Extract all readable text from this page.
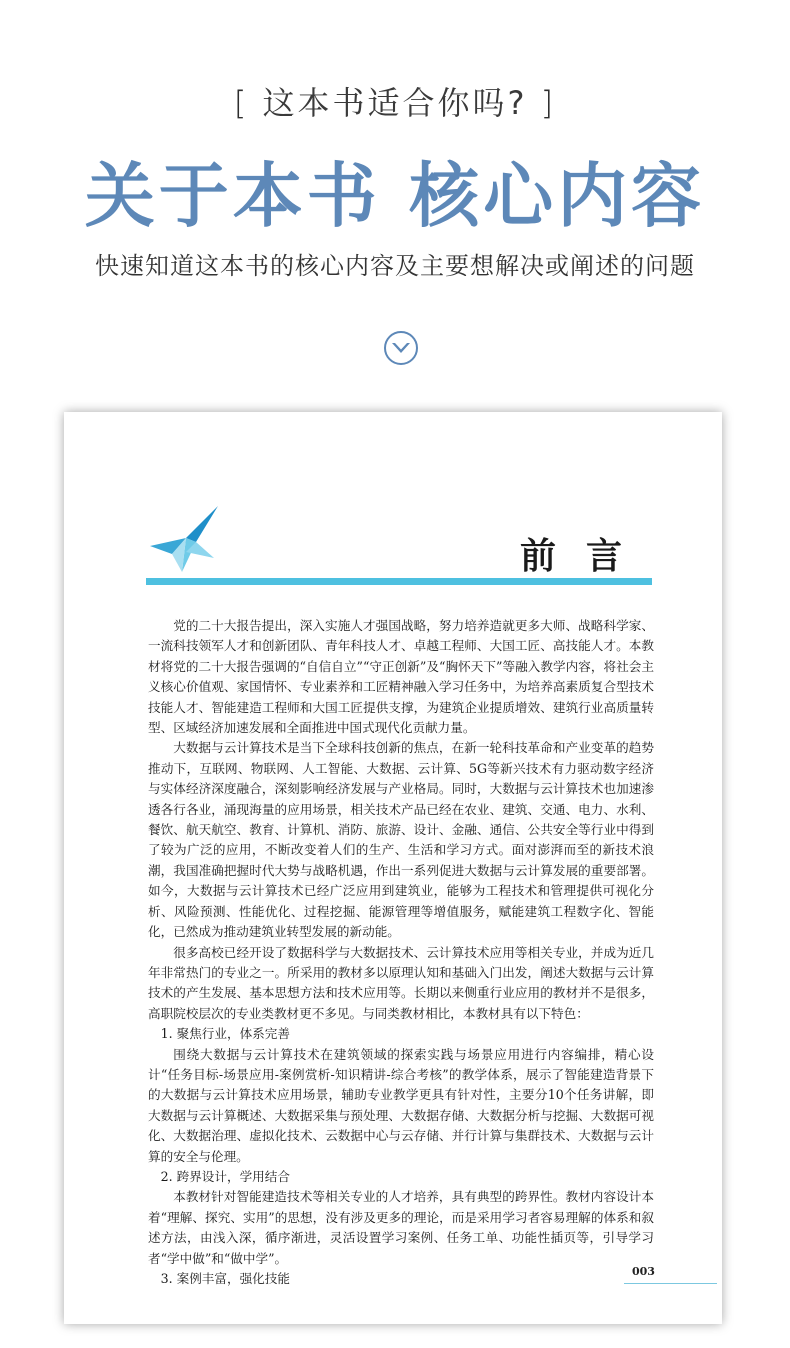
[ 这本书适合你吗? ]
关于本书 核心内容
快速知道这本书的核心内容及主要想解决或阐述的问题
前言

党的二十大报告提出，深入实施人才强国战略，努力培养造就更多大师、战略科学家、一流科技领军人才和创新团队、青年科技人才、卓越工程师、大国工匠、高技能人才。本教材将党的二十大报告强调的“自信自立”“守正创新”及“胸怀天下”等融入教学内容，将社会主义核心价值观、家国情怀、专业素养和工匠精神融入学习任务中，为培养高素质复合型技术技能人才、智能建造工程师和大国工匠提供支撑，为建筑企业提质增效、建筑行业高质量转型、区域经济加速发展和全面推进中国式现代化贡献力量。

大数据与云计算技术是当下全球科技创新的焦点，在新一轮科技革命和产业变革的趋势推动下，互联网、物联网、人工智能、大数据、云计算、5G等新兴技术有力驱动数字经济与实体经济深度融合，深刻影响经济发展与产业格局。同时，大数据与云计算技术也加速渗透各行各业，涌现海量的应用场景，相关技术产品已经在农业、建筑、交通、电力、水利、餐饮、航天航空、教育、计算机、消防、旅游、设计、金融、通信、公共安全等行业中得到了较为广泛的应用，不断改变着人们的生产、生活和学习方式。面对澎湃而至的新技术浪潮，我国准确把握时代大势与战略机遇，作出一系列促进大数据与云计算发展的重要部署。如今，大数据与云计算技术已经广泛应用到建筑业，能够为工程技术和管理提供可视化分析、风险预测、性能优化、过程挖掘、能源管理等增值服务，赋能建筑工程数字化、智能化，已然成为推动建筑业转型发展的新动能。

很多高校已经开设了数据科学与大数据技术、云计算技术应用等相关专业，并成为近几年非常热门的专业之一。所采用的教材多以原理认知和基础入门出发，阐述大数据与云计算技术的产生发展、基本思想方法和技术应用等。长期以来侧重行业应用的教材并不是很多，高职院校层次的专业类教材更不多见。与同类教材相比，本教材具有以下特色：

1. 聚焦行业，体系完善

围绕大数据与云计算技术在建筑领域的探索实践与场景应用进行内容编排，精心设计“任务目标-场景应用-案例赏析-知识精讲-综合考核”的教学体系，展示了智能建造背景下的大数据与云计算技术应用场景，辅助专业教学更具有针对性，主要分10个任务讲解，即大数据与云计算概述、大数据采集与预处理、大数据存储、大数据分析与挖掘、大数据可视化、大数据治理、虚拟化技术、云数据中心与云存储、并行计算与集群技术、大数据与云计算的安全与伦理。

2. 跨界设计，学用结合

本教材针对智能建造技术等相关专业的人才培养，具有典型的跨界性。教材内容设计本着“理解、探究、实用”的思想，没有涉及更多的理论，而是采用学习者容易理解的体系和叙述方法，由浅入深，循序渐进，灵活设置学习案例、任务工单、功能性插页等，引导学习者“学中做”和“做中学”。

3. 案例丰富，强化技能	003
